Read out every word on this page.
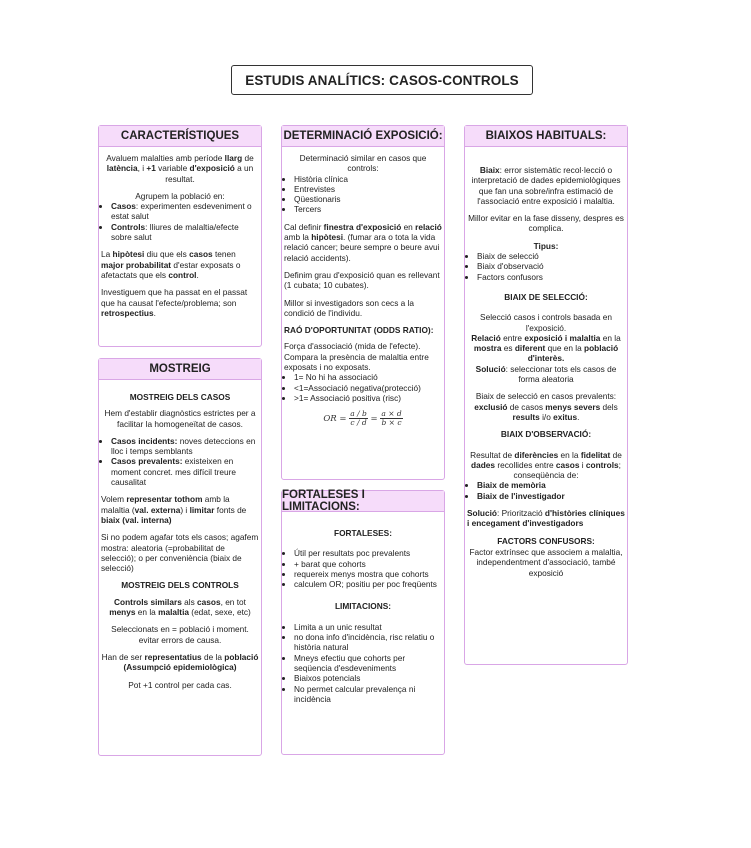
ESTUDIS ANALÍTICS: CASOS-CONTROLS
CARACTERÍSTIQUES

Avaluem malalties amb període llarg de latència, i +1 variable d'exposició a un resultat.

Agrupem la població en:
• Casos: experimenten esdeveniment o estat salut
• Controls: lliures de malaltia/efecte sobre salut

La hipòtesi diu que els casos tenen major probabilitat d'estar exposats o afetactats que els control.

Investiguem que ha passat en el passat que ha causat l'efecte/problema; son retrospectius.

MOSTREIG
MOSTREIG DELS CASOS

Hem d'establir diagnòstics estrictes per a facilitar la homogeneïtat de casos.

• Casos incidents: noves deteccions en lloc i temps semblants
• Casos prevalents: existeixen en moment concret. mes difícil treure causalitat

Volem representar tothom amb la malaltia (val. externa) i limitar fonts de biaix (val. interna)

Si no podem agafar tots els casos; agafem mostra: aleatoria (=probabilitat de selecció); o per conveniència (biaix de selecció)

MOSTREIG DELS CONTROLS

Controls similars als casos, en tot menys en la malaltia (edat, sexe, etc)

Seleccionats en = població i moment. evitar errors de causa.

Han de ser representatius de la població (Assumpció epidemiològica)

Pot +1 control per cada cas.

DETERMINACIÓ EXPOSICIÓ:
Determinació similar en casos que controls:
• Història clínica
• Entrevistes
• Qüestionaris
• Tercers

Cal definir finestra d'exposició en relació amb la hipòtesi. (fumar ara o tota la vida relació cancer; beure sempre o beure avui relació accidents).

Definim grau d'exposició quan es rellevant (1 cubata; 10 cubates).

Millor si investigadors son cecs a la condició de l'individu.

RAÓ D'OPORTUNITAT (ODDS RATIO):
Força d'associació (mida de l'efecte). Compara la presència de malaltia entre exposats i no exposats.
• 1= No hi ha associació
• <1=Associació negativa(protecció)
• >1= Associació positiva (risc)
OR = $\frac{a / b}{c / d} = \frac{a \times d}{b \times c}$
FORTALESES I LIMITACIONS:
FORTALESES:
• Útil per resultats poc prevalents
• + barat que cohorts
• requereix menys mostra que cohorts
• calculem OR; positiu per poc freqüents
LIMITACIONS:
• Limita a un unic resultat
• no dona info d'incidència, risc relatiu o història natural
• Mneys efectiu que cohorts per seqüencia d'esdeveniments
• Biaixos potencials
• No permet calcular prevalença ni incidència
BIAIXOS HABITUALS:

Biaix: error sistemàtic recol·lecció o interpretació de dades epidemiològiques que fan una sobre/infra estimació de l'associació entre exposició i malaltia.

Millor evitar en la fase disseny, despres es complica.

Tipus:
• Biaix de selecció
• Biaix d'observació
• Factors confusors
BIAIX DE SELECCIÓ:
Selecció casos i controls basada en l'exposició.
Relació entre exposició i malaltia en la mostra es diferent que en la població d'interès.

Solució: seleccionar tots els casos de forma aleatoria

Biaix de selecció en casos prevalents: exclusió de casos menys severs dels results i/o exitus.

BIAIX D'OBSERVACIÓ:
Resultat de diferències en la fidelitat de dades recollides entre casos i controls; conseqüència de:
• Biaix de memòria
• Biaix de l'investigador

Solució: Priorització d'històries clíniques i encegament d'investigadors

FACTORS CONFUSORS:
Factor extrínsec que associem a malaltia, independentment d'associació, també exposició
